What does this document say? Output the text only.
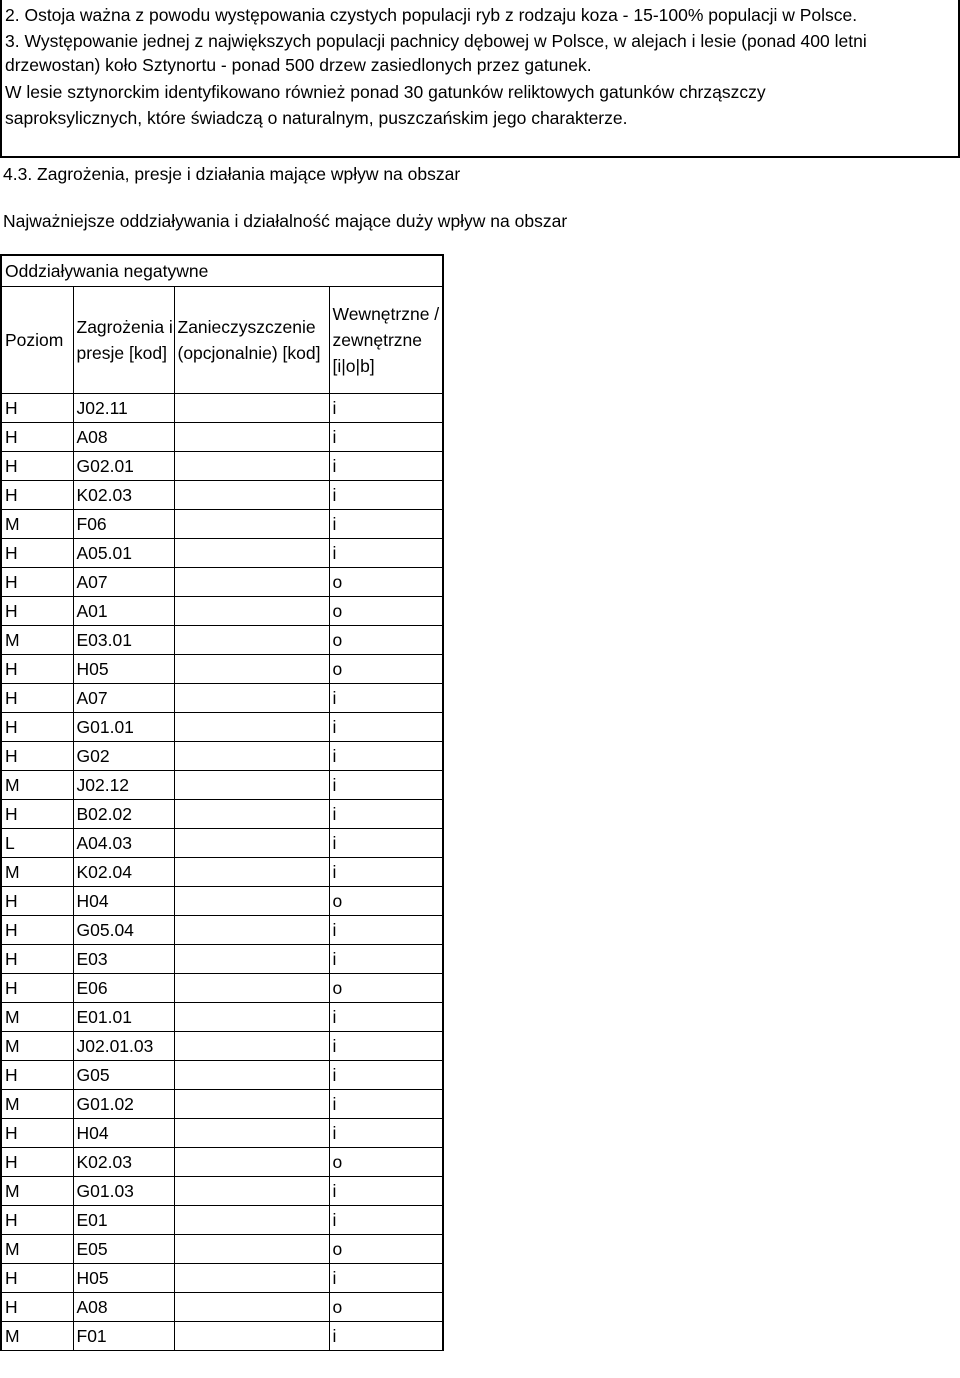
2. Ostoja ważna z powodu występowania czystych populacji ryb z rodzaju koza - 15-100% populacji w Polsce.
3. Występowanie jednej z największych populacji pachnicy dębowej w Polsce, w alejach i lesie (ponad 400 letni
drzewostan) koło Sztynortu - ponad 500 drzew zasiedlonych przez gatunek.
W lesie sztynorckim identyfikowano również ponad 30 gatunków reliktowych gatunków chrząszczy
saproksylicznych, które świadczą o naturalnym, puszczańskim jego charakterze.
4.3. Zagrożenia, presje i działania mające wpływ na obszar
Najważniejsze oddziaływania i działalność mające duży wpływ na obszar
Oddziaływania negatywne			
Poziom	Zagrożenia i presje [kod]	Zanieczyszczenie (opcjonalnie) [kod]	Wewnętrzne / zewnętrzne [i|o|b]
H	J02.11		i
H	A08		i
H	G02.01		i
H	K02.03		i
M	F06		i
H	A05.01		i
H	A07		o
H	A01		o
M	E03.01		o
H	H05		o
H	A07		i
H	G01.01		i
H	G02		i
M	J02.12		i
H	B02.02		i
L	A04.03		i
M	K02.04		i
H	H04		o
H	G05.04		i
H	E03		i
H	E06		o
M	E01.01		i
M	J02.01.03		i
H	G05		i
M	G01.02		i
H	H04		i
H	K02.03		o
M	G01.03		i
H	E01		i
M	E05		o
H	H05		i
H	A08		o
M	F01		i
